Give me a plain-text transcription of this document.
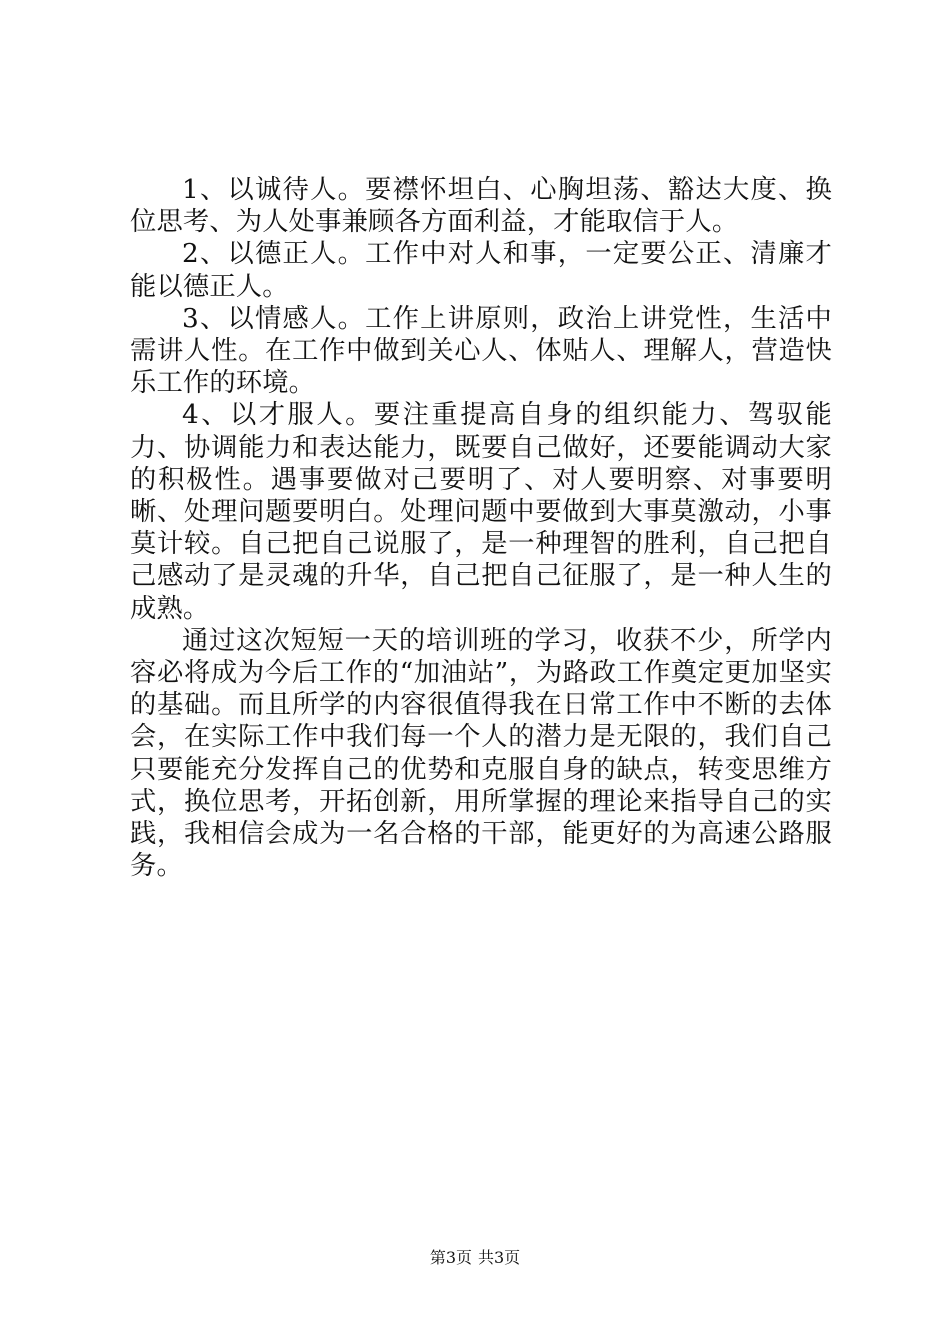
1、以诚待人。要襟怀坦白、心胸坦荡、豁达大度、换位思考、为人处事兼顾各方面利益，才能取信于人。

2、以德正人。工作中对人和事，一定要公正、清廉才能以德正人。

3、以情感人。工作上讲原则，政治上讲党性，生活中需讲人性。在工作中做到关心人、体贴人、理解人，营造快乐工作的环境。

4、以才服人。要注重提高自身的组织能力、驾驭能力、协调能力和表达能力，既要自己做好，还要能调动大家的积极性。遇事要做对己要明了、对人要明察、对事要明晰、处理问题要明白。处理问题中要做到大事莫激动，小事莫计较。自己把自己说服了，是一种理智的胜利，自己把自己感动了是灵魂的升华，自己把自己征服了，是一种人生的成熟。

通过这次短短一天的培训班的学习，收获不少，所学内容必将成为今后工作的“加油站”，为路政工作奠定更加坚实的基础。而且所学的内容很值得我在日常工作中不断的去体会，在实际工作中我们每一个人的潜力是无限的，我们自己只要能充分发挥自己的优势和克服自身的缺点，转变思维方式，换位思考，开拓创新，用所掌握的理论来指导自己的实践，我相信会成为一名合格的干部，能更好的为高速公路服务。

第3页 共3页
